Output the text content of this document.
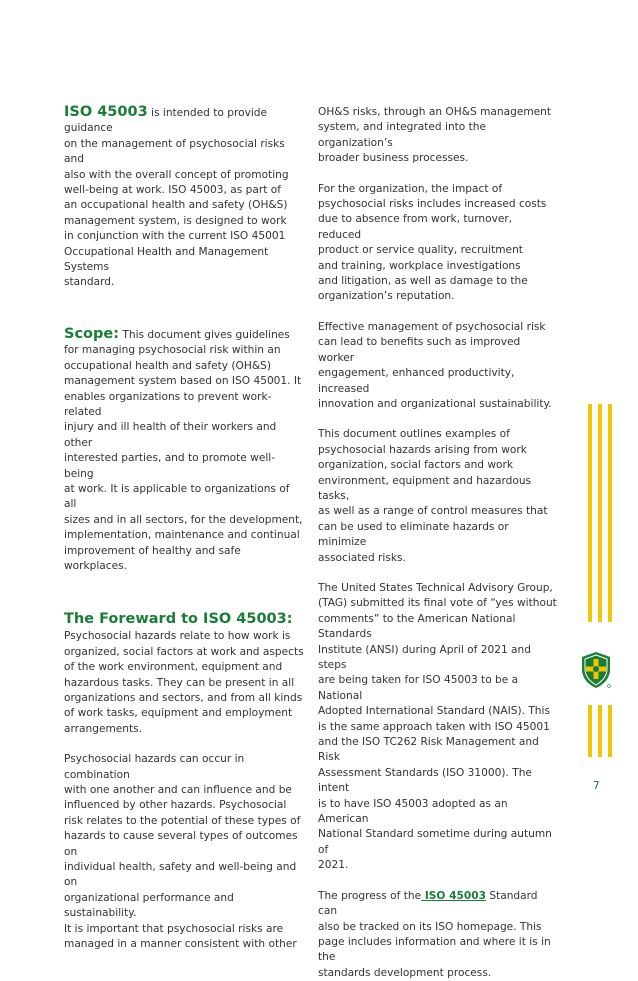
ISO 45003 is intended to provide guidance
on the management of psychosocial risks and
also with the overall concept of promoting
well-being at work. ISO 45003, as part of
an occupational health and safety (OH&S)
management system, is designed to work
in conjunction with the current ISO 45001
Occupational Health and Management Systems
standard.

Scope: This document gives guidelines
for managing psychosocial risk within an
occupational health and safety (OH&S)
management system based on ISO 45001. It
enables organizations to prevent work-related
injury and ill health of their workers and other
interested parties, and to promote well-being
at work. It is applicable to organizations of all
sizes and in all sectors, for the development,
implementation, maintenance and continual
improvement of healthy and safe workplaces.

The Foreward to ISO 45003:

Psychosocial hazards relate to how work is
organized, social factors at work and aspects
of the work environment, equipment and
hazardous tasks. They can be present in all
organizations and sectors, and from all kinds
of work tasks, equipment and employment
arrangements.

Psychosocial hazards can occur in combination
with one another and can influence and be
influenced by other hazards. Psychosocial
risk relates to the potential of these types of
hazards to cause several types of outcomes on
individual health, safety and well-being and on
organizational performance and sustainability.
It is important that psychosocial risks are
managed in a manner consistent with other

OH&S risks, through an OH&S management
system, and integrated into the organization’s
broader business processes.

For the organization, the impact of
psychosocial risks includes increased costs
due to absence from work, turnover, reduced
product or service quality, recruitment
and training, workplace investigations
and litigation, as well as damage to the
organization’s reputation.

Effective management of psychosocial risk
can lead to benefits such as improved worker
engagement, enhanced productivity, increased
innovation and organizational sustainability.

This document outlines examples of
psychosocial hazards arising from work
organization, social factors and work
environment, equipment and hazardous tasks,
as well as a range of control measures that
can be used to eliminate hazards or minimize
associated risks.

The United States Technical Advisory Group,
(TAG) submitted its final vote of “yes without
comments” to the American National Standards
Institute (ANSI) during April of 2021 and steps
are being taken for ISO 45003 to be a National
Adopted International Standard (NAIS). This
is the same approach taken with ISO 45001
and the ISO TC262 Risk Management and Risk
Assessment Standards (ISO 31000). The intent
is to have ISO 45003 adopted as an American
National Standard sometime during autumn of
2021.

The progress of the ISO 45003 Standard can
also be tracked on its ISO homepage. This
page includes information and where it is in the
standards development process.

7
